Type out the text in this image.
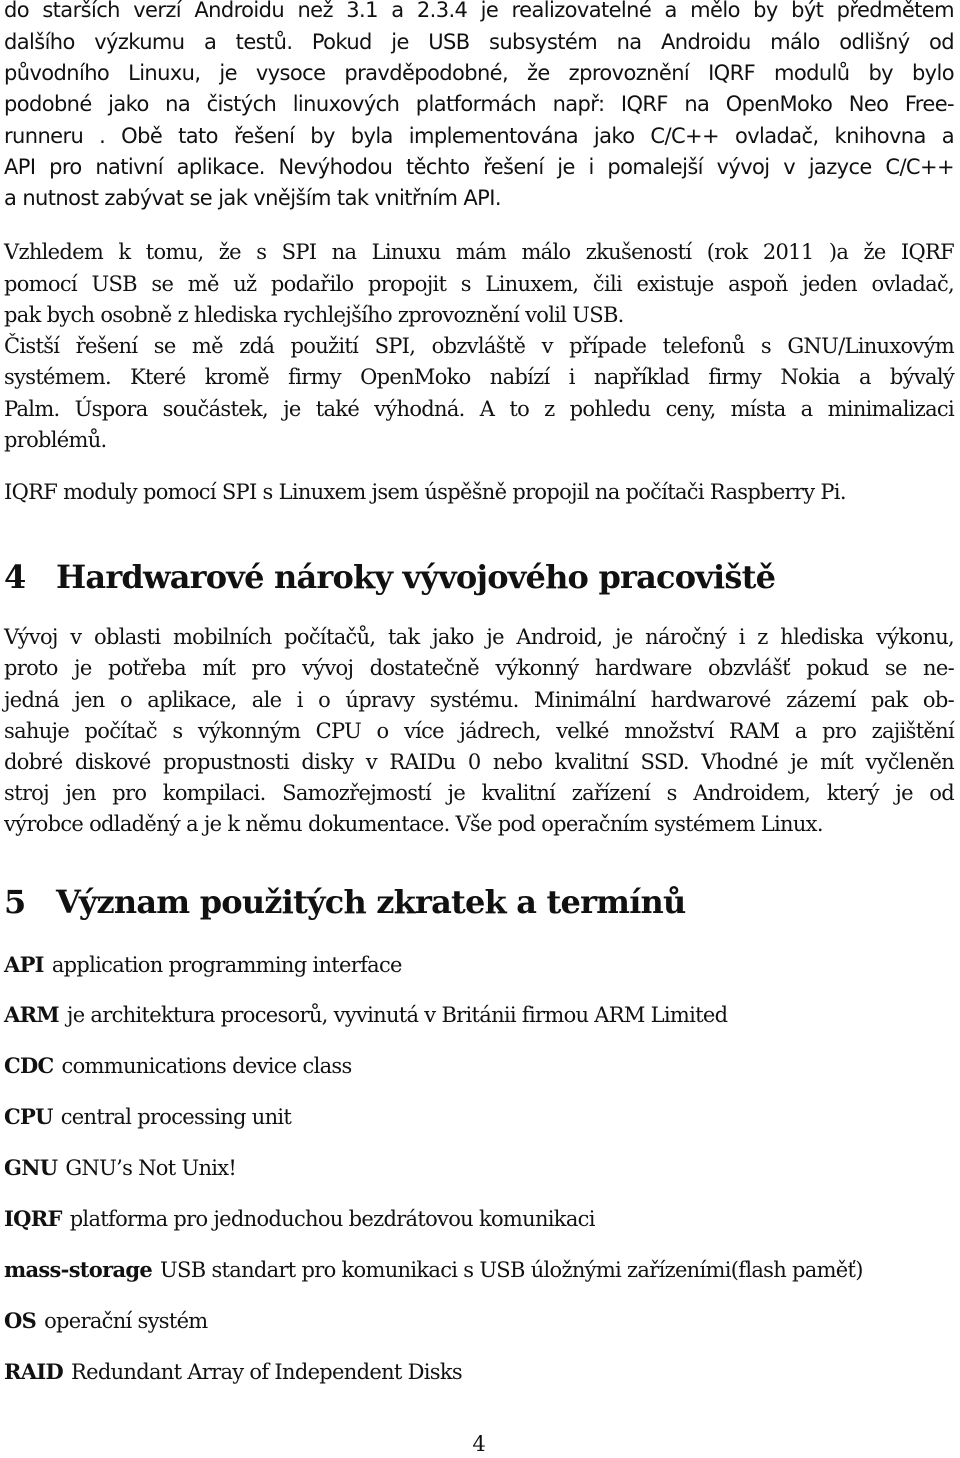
do starších verzí Androidu než 3.1 a 2.3.4 je realizovatelné a mělo by být předmětem
dalšího výzkumu a testů. Pokud je USB subsystém na Androidu málo odlišný od
původního Linuxu, je vysoce pravděpodobné, že zprovoznění IQRF modulů by bylo
podobné jako na čistých linuxových platformách např: IQRF na OpenMoko Neo Free-
runneru . Obě tato řešení by byla implementována jako C/C++ ovladač, knihovna a
API pro nativní aplikace. Nevýhodou těchto řešení je i pomalejší vývoj v jazyce C/C++
a nutnost zabývat se jak vnějším tak vnitřním API.
Vzhledem k tomu, že s SPI na Linuxu mám málo zkušeností (rok 2011 )a že IQRF
pomocí USB se mě už podařilo propojit s Linuxem, čili existuje aspoň jeden ovladač,
pak bych osobně z hlediska rychlejšího zprovoznění volil USB.
Čistší řešení se mě zdá použití SPI, obzvláště v případe telefonů s GNU/Linuxovým
systémem. Které kromě firmy OpenMoko nabízí i například firmy Nokia a bývalý
Palm. Úspora součástek, je také výhodná. A to z pohledu ceny, místa a minimalizaci
problémů.
IQRF moduly pomocí SPI s Linuxem jsem úspěšně propojil na počítači Raspberry Pi.
4 Hardwarové nároky vývojového pracoviště
Vývoj v oblasti mobilních počítačů, tak jako je Android, je náročný i z hlediska výkonu,
proto je potřeba mít pro vývoj dostatečně výkonný hardware obzvlášť pokud se ne-
jedná jen o aplikace, ale i o úpravy systému. Minimální hardwarové zázemí pak ob-
sahuje počítač s výkonným CPU o více jádrech, velké množství RAM a pro zajištění
dobré diskové propustnosti disky v RAIDu 0 nebo kvalitní SSD. Vhodné je mít vyčleněn
stroj jen pro kompilaci. Samozřejmostí je kvalitní zařízení s Androidem, který je od
výrobce odladěný a je k němu dokumentace. Vše pod operačním systémem Linux.
5 Význam použitých zkratek a termínů
API application programming interface
ARM je architektura procesorů, vyvinutá v Británii firmou ARM Limited
CDC communications device class
CPU central processing unit
GNU GNU’s Not Unix!
IQRF platforma pro jednoduchou bezdrátovou komunikaci
mass-storage USB standart pro komunikaci s USB úložnými zařízeními(flash paměť)
OS operační systém
RAID Redundant Array of Independent Disks
4
